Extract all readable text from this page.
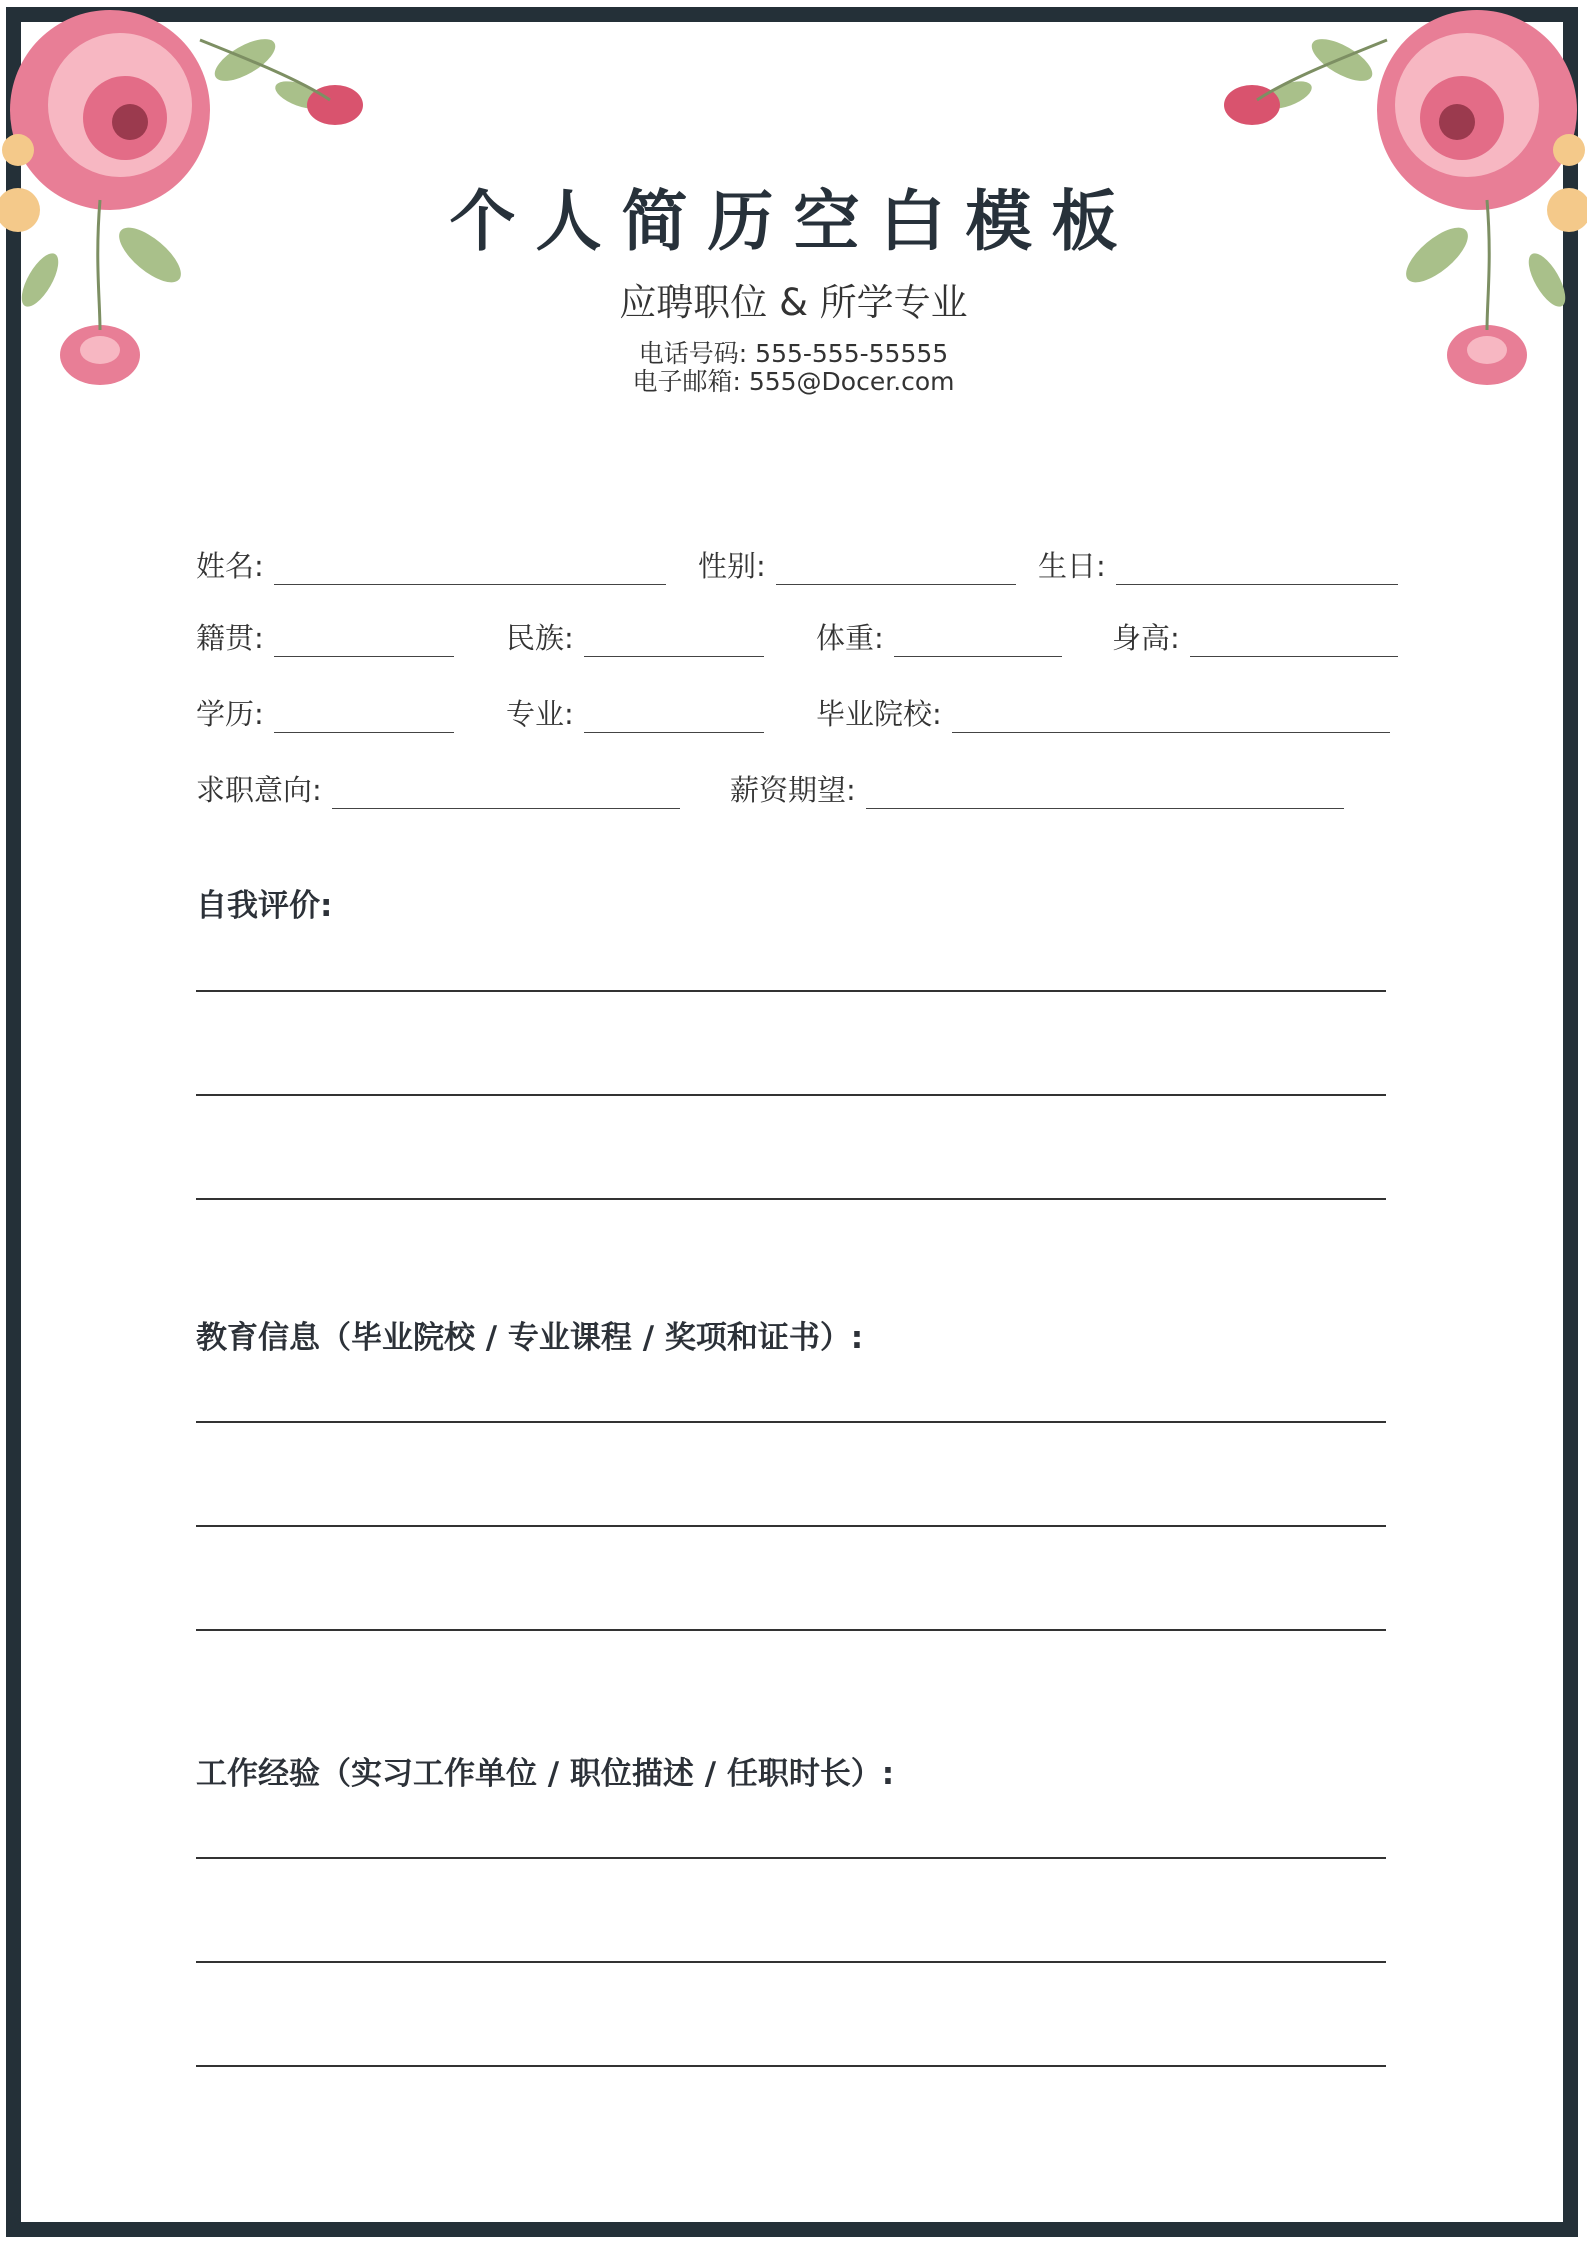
个人简历空白模板
应聘职位 & 所学专业
电话号码: 555-555-55555
电子邮箱: 555@Docer.com
姓名:	性别:	生日:
籍贯:	民族:	体重:	身高:
学历:	专业:	毕业院校:
求职意向:	薪资期望:
自我评价:
教育信息（毕业院校 / 专业课程 / 奖项和证书）:
工作经验（实习工作单位 / 职位描述 / 任职时长）:
